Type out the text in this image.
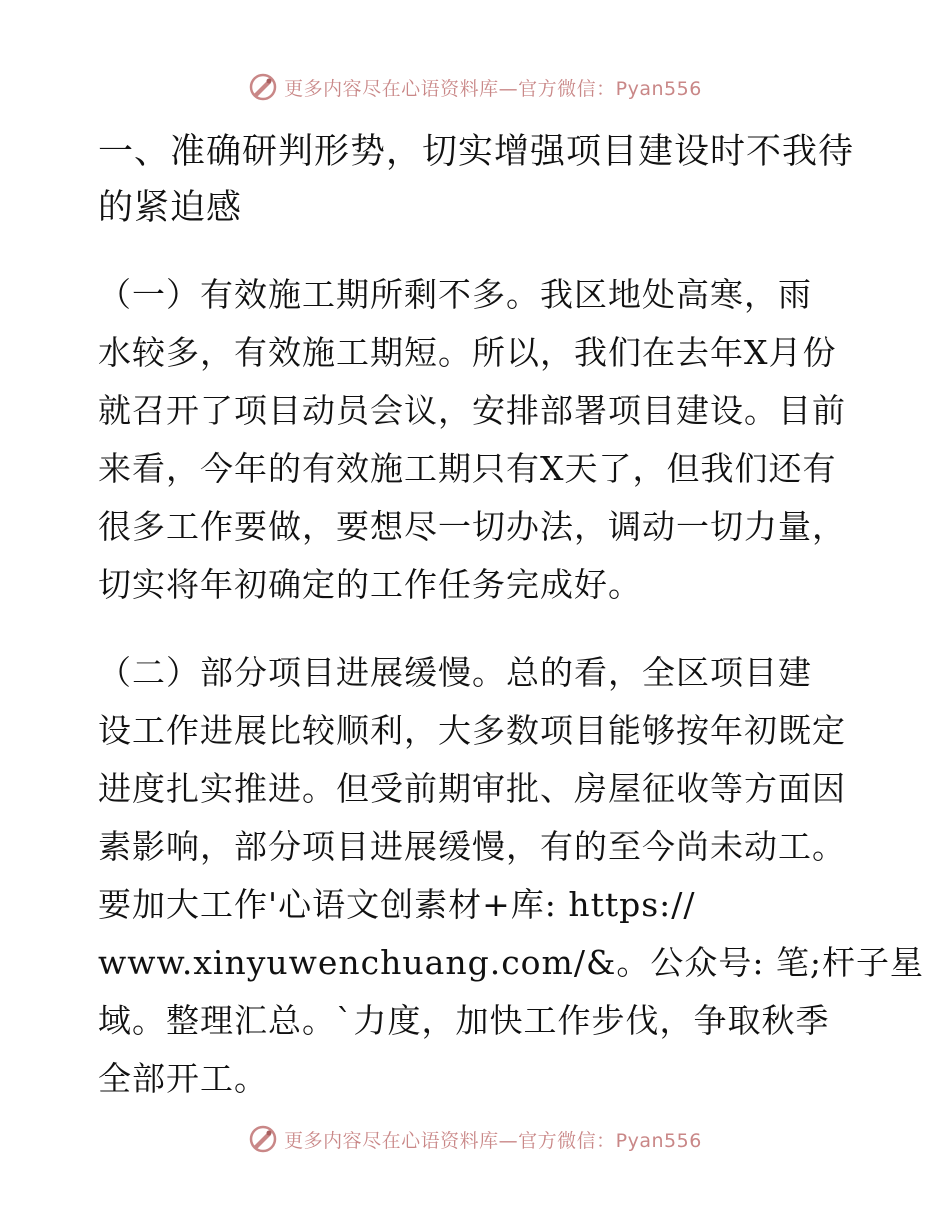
更多内容尽在心语资料库—官方微信：Pyan556
一、准确研判形势，切实增强项目建设时不我待
的紧迫感

（一）有效施工期所剩不多。我区地处高寒，雨
水较多，有效施工期短。所以，我们在去年X月份
就召开了项目动员会议，安排部署项目建设。目前
来看，今年的有效施工期只有X天了，但我们还有
很多工作要做，要想尽一切办法，调动一切力量，
切实将年初确定的工作任务完成好。

（二）部分项目进展缓慢。总的看，全区项目建
设工作进展比较顺利，大多数项目能够按年初既定
进度扎实推进。但受前期审批、房屋征收等方面因
素影响，部分项目进展缓慢，有的至今尚未动工。
要加大工作'心语文创素材+库: https://
www.xinyuwenchuang.com/&。公众号: 笔;杆子星
域。整理汇总。`力度，加快工作步伐，争取秋季
全部开工。

更多内容尽在心语资料库—官方微信：Pyan556
